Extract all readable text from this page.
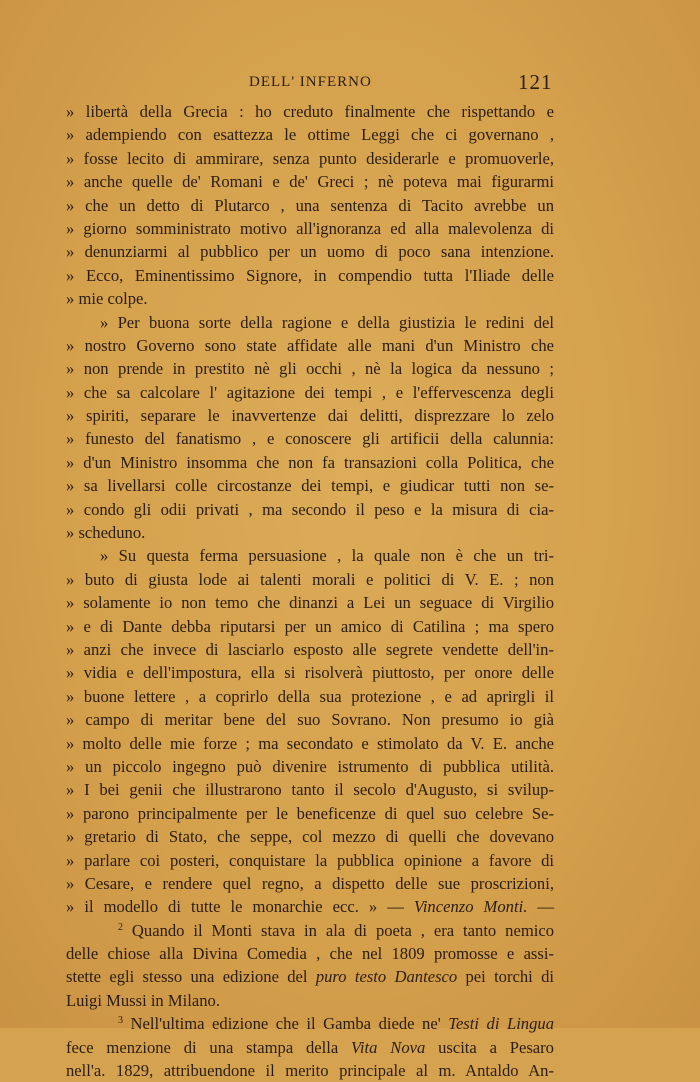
DELL' INFERNO	121
» libertà della Grecia : ho creduto finalmente che rispettando e
» adempiendo con esattezza le ottime Leggi che ci governano ,
» fosse lecito di ammirare, senza punto desiderarle e promuoverle,
» anche quelle de' Romani e de' Greci ; nè poteva mai figurarmi
» che un detto di Plutarco , una sentenza di Tacito avrebbe un
» giorno somministrato motivo all'ignoranza ed alla malevolenza di
» denunziarmi al pubblico per un uomo di poco sana intenzione.
» Ecco, Eminentissimo Signore, in compendio tutta l'Iliade delle
» mie colpe.
» Per buona sorte della ragione e della giustizia le redini del
» nostro Governo sono state affidate alle mani d'un Ministro che
» non prende in prestito nè gli occhi , nè la logica da nessuno ;
» che sa calcolare l' agitazione dei tempi , e l'effervescenza degli
» spiriti, separare le inavvertenze dai delitti, disprezzare lo zelo
» funesto del fanatismo , e conoscere gli artificii della calunnia:
» d'un Ministro insomma che non fa transazioni colla Politica, che
» sa livellarsi colle circostanze dei tempi, e giudicar tutti non se-
» condo gli odii privati , ma secondo il peso e la misura di cia-
» scheduno.
» Su questa ferma persuasione , la quale non è che un tri-
» buto di giusta lode ai talenti morali e politici di V. E. ; non
» solamente io non temo che dinanzi a Lei un seguace di Virgilio
» e di Dante debba riputarsi per un amico di Catilina ; ma spero
» anzi che invece di lasciarlo esposto alle segrete vendette dell'in-
» vidia e dell'impostura, ella si risolverà piuttosto, per onore delle
» buone lettere , a coprirlo della sua protezione , e ad aprirgli il
» campo di meritar bene del suo Sovrano. Non presumo io già
» molto delle mie forze ; ma secondato e stimolato da V. E. anche
» un piccolo ingegno può divenire istrumento di pubblica utilità.
» I bei genii che illustrarono tanto il secolo d'Augusto, si svilup-
» parono principalmente per le beneficenze di quel suo celebre Se-
» gretario di Stato, che seppe, col mezzo di quelli che dovevano
» parlare coi posteri, conquistare la pubblica opinione a favore di
» Cesare, e rendere quel regno, a dispetto delle sue proscrizioni,
» il modello di tutte le monarchie ecc. » — Vincenzo Monti. —
$^2$ Quando il Monti stava in ala di poeta , era tanto nemico
delle chiose alla Divina Comedia , che nel 1809 promosse e assi-
stette egli stesso una edizione del puro testo Dantesco pei torchi di
Luigi Mussi in Milano.
$^3$ Nell'ultima edizione che il Gamba diede ne' Testi di Lingua
fece menzione di una stampa della Vita Nova uscita a Pesaro
nell'a. 1829, attribuendone il merito principale al m. Antaldo An-
